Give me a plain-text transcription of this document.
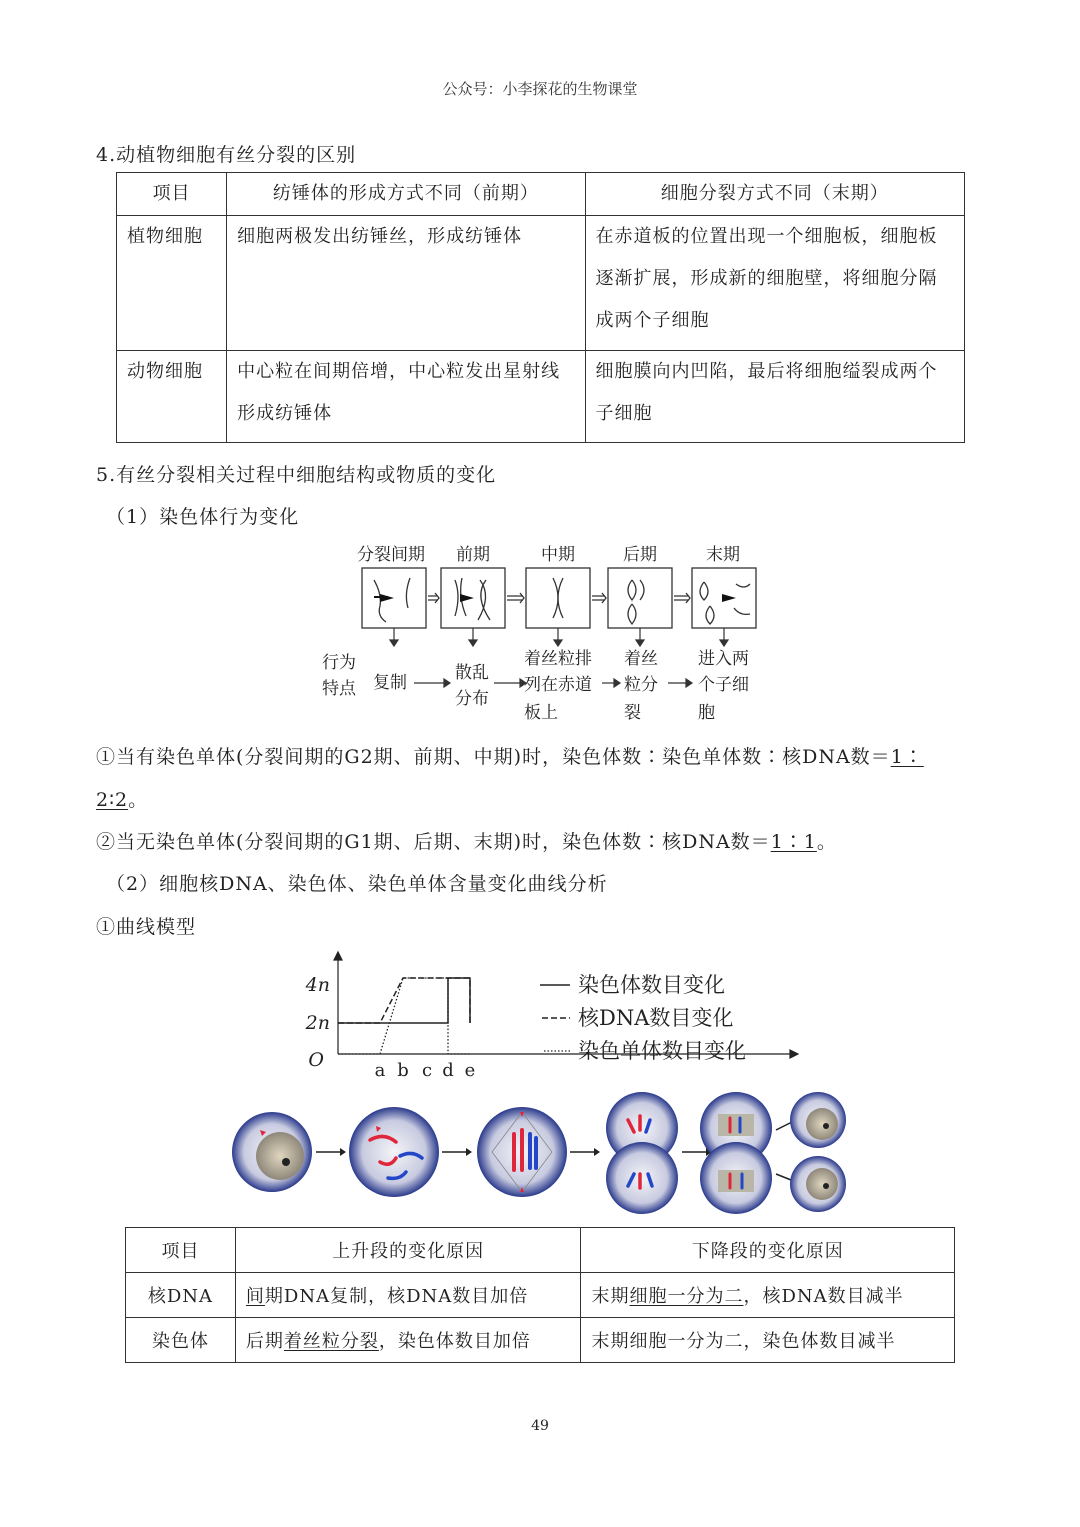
公众号：小李探花的生物课堂
4.动植物细胞有丝分裂的区别
项目	纺锤体的形成方式不同（前期）	细胞分裂方式不同（末期）
植物细胞	细胞两极发出纺锤丝，形成纺锤体	在赤道板的位置出现一个细胞板，细胞板逐渐扩展，形成新的细胞壁，将细胞分隔成两个子细胞
动物细胞	中心粒在间期倍增，中心粒发出星射线形成纺锤体	细胞膜向内凹陷，最后将细胞缢裂成两个子细胞
5.有丝分裂相关过程中细胞结构或物质的变化
（1）染色体行为变化
分裂间期 前期	中期	后期	末期
行为
特点 复制	散乱
分布
着丝粒排
列在赤道
板上
着丝
粒分
裂
进入两
个子细
胞
①当有染色单体(分裂间期的G2期、前期、中期)时，染色体数∶染色单体数∶核DNA数＝1∶
2∶2。
②当无染色单体(分裂间期的G1期、后期、末期)时，染色体数∶核DNA数＝1∶1。
（2）细胞核DNA、染色体、染色单体含量变化曲线分析
①曲线模型
O
2n
4n
a b c d e
染色体数目变化
核DNA数目变化
染色单体数目变化
项目	上升段的变化原因	下降段的变化原因
核DNA	间期DNA复制，核DNA数目加倍	末期细胞一分为二，核DNA数目减半
染色体	后期着丝粒分裂，染色体数目加倍	末期细胞一分为二，染色体数目减半
49
